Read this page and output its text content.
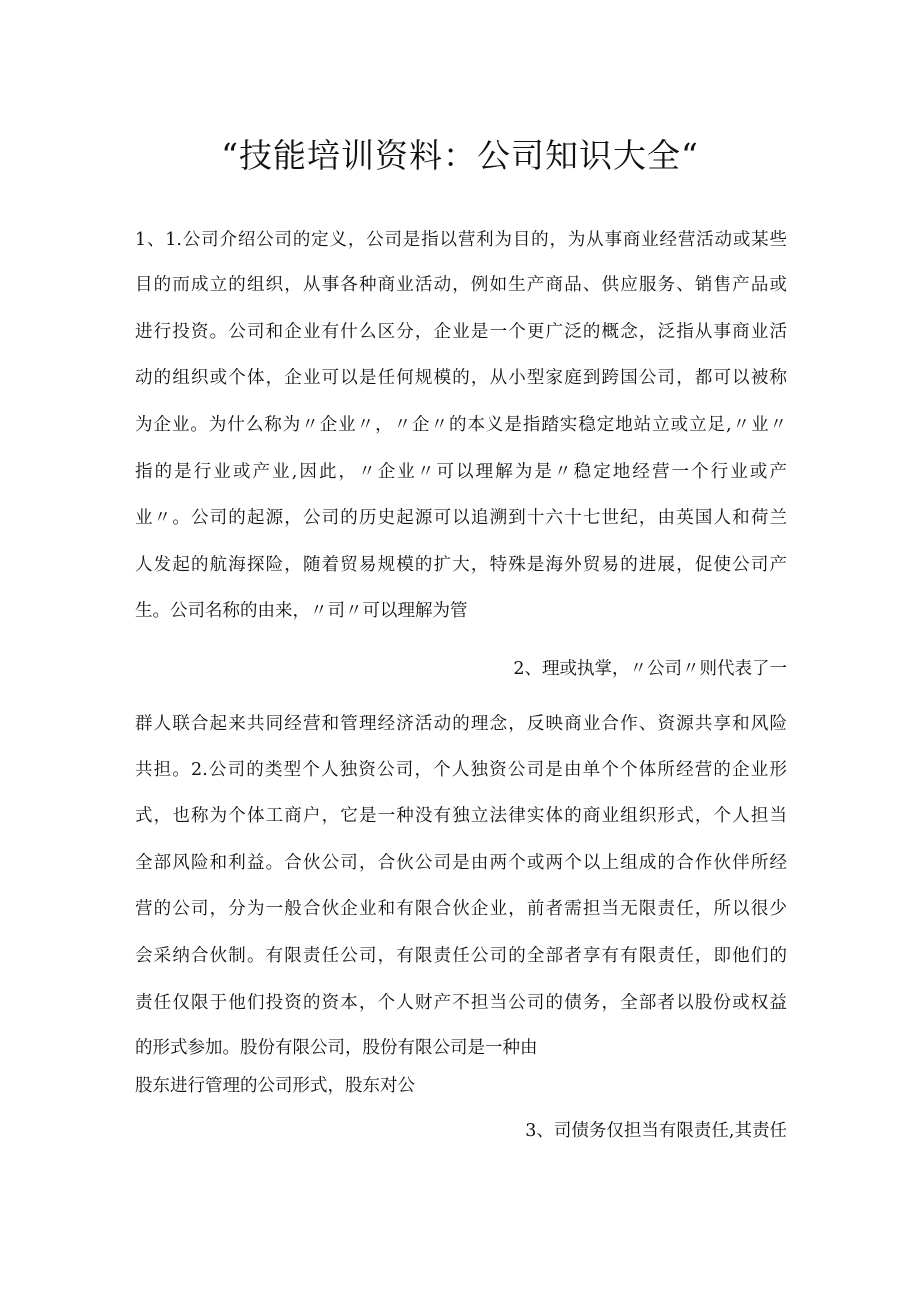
“技能培训资料：公司知识大全“
1、1.公司介绍公司的定义，公司是指以营利为目的，为从事商业经营活动或某些
目的而成立的组织，从事各种商业活动，例如生产商品、供应服务、销售产品或
进行投资。公司和企业有什么区分，企业是一个更广泛的概念，泛指从事商业活
动的组织或个体，企业可以是任何规模的，从小型家庭到跨国公司，都可以被称
为企业。为什么称为〃企业〃，〃企〃的本义是指踏实稳定地站立或立足,〃业〃
指的是行业或产业,因此，〃企业〃可以理解为是〃稳定地经营一个行业或产
业〃。公司的起源，公司的历史起源可以追溯到十六十七世纪，由英国人和荷兰
人发起的航海探险，随着贸易规模的扩大，特殊是海外贸易的进展，促使公司产
生。公司名称的由来，〃司〃可以理解为管
2、理或执掌，〃公司〃则代表了一
群人联合起来共同经营和管理经济活动的理念，反映商业合作、资源共享和风险
共担。2.公司的类型个人独资公司，个人独资公司是由单个个体所经营的企业形
式，也称为个体工商户，它是一种没有独立法律实体的商业组织形式，个人担当
全部风险和利益。合伙公司，合伙公司是由两个或两个以上组成的合作伙伴所经
营的公司，分为一般合伙企业和有限合伙企业，前者需担当无限责任，所以很少
会采纳合伙制。有限责任公司，有限责任公司的全部者享有有限责任，即他们的
责任仅限于他们投资的资本，个人财产不担当公司的债务，全部者以股份或权益
的形式参加。股份有限公司，股份有限公司是一种由
股东进行管理的公司形式，股东对公
3、司债务仅担当有限责任,其责任
